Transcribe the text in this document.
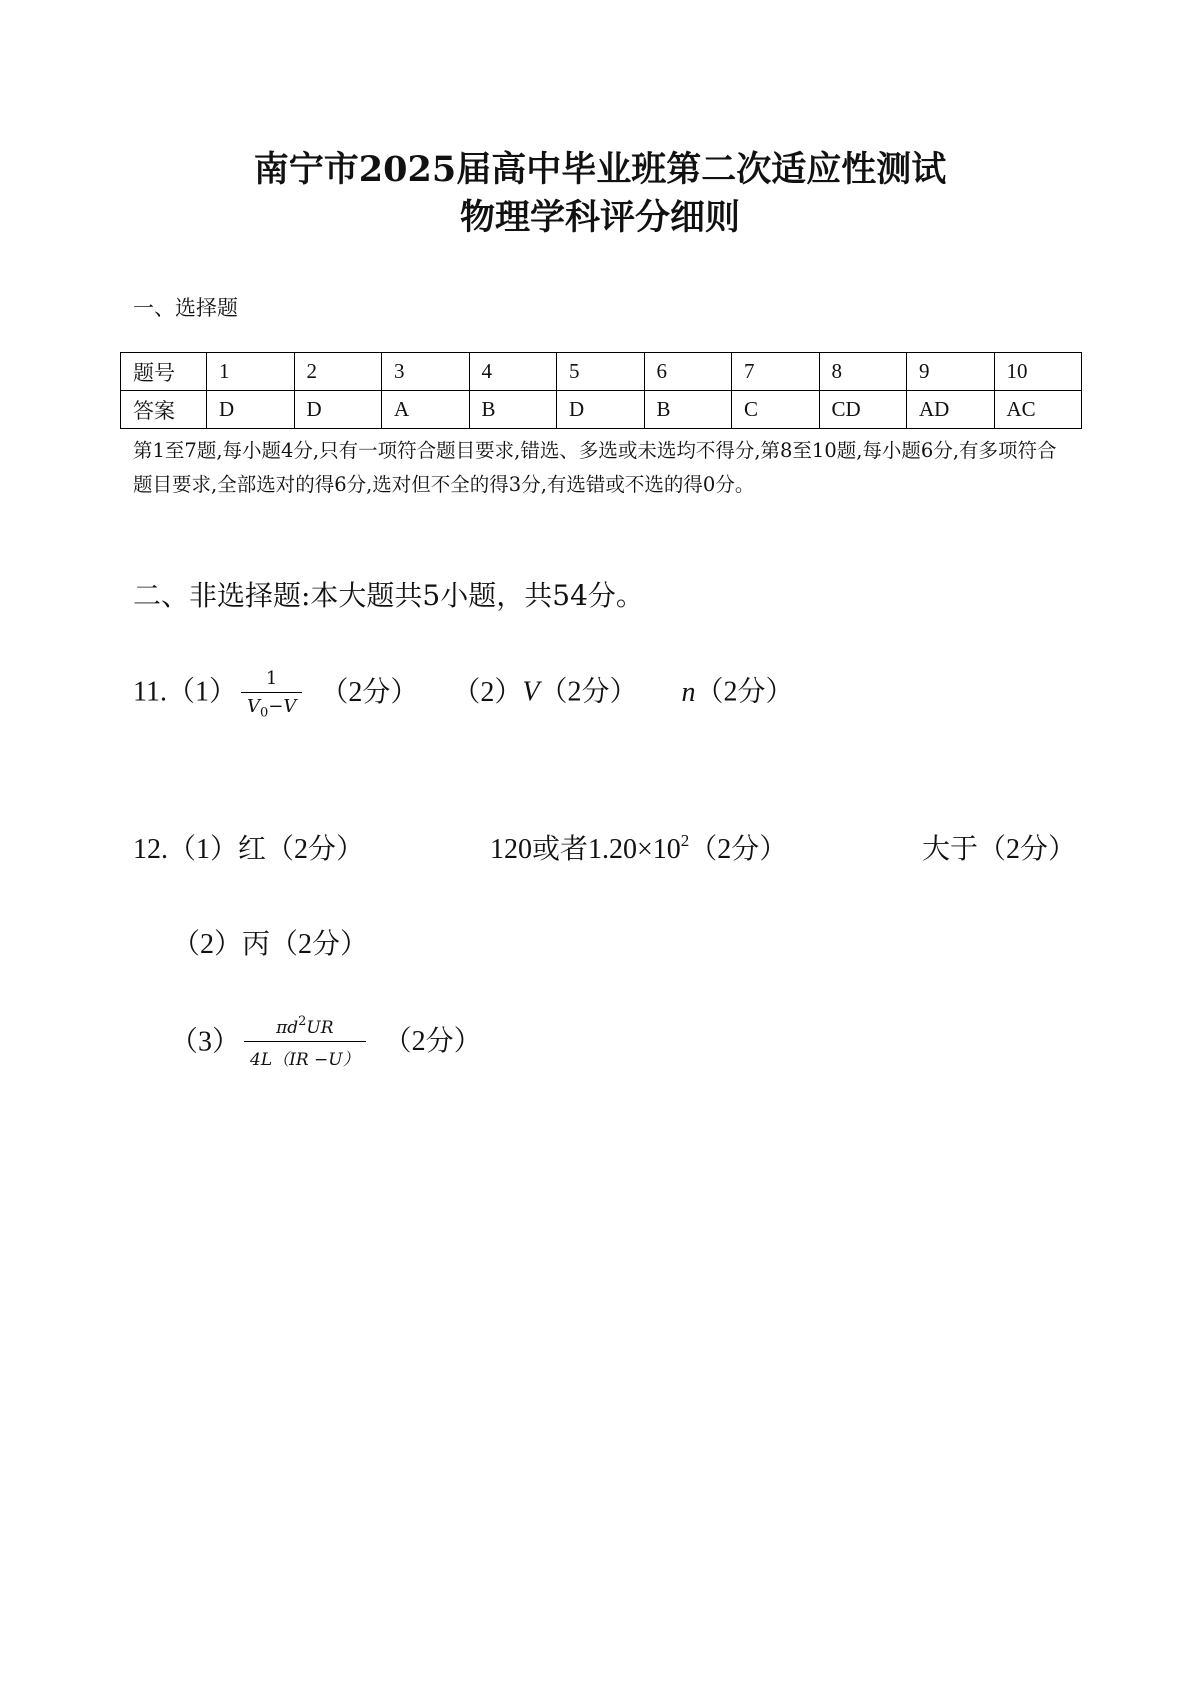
南宁市2025届高中毕业班第二次适应性测试
物理学科评分细则
一、选择题
题号	1	2	3	4	5	6	7	8	9	10
答案	D	D	A	B	D	B	C	CD	AD	AC
第1至7题,每小题4分,只有一项符合题目要求,错选、多选或未选均不得分,第8至10题,每小题6分,有多项符合题目要求,全部选对的得6分,选对但不全的得3分,有选错或不选的得0分。
二、非选择题:本大题共5小题，共54分。
$11.(1) \frac{1}{V_0-V} (2$分） （2）V（2分） n（2分）
12.（1）红（2分）	120或者$1.20\times 10^2(2$分）	大于（2分）
（2）丙（2分）
$(3) \frac{\pi d^2UR}{4L(IR -U)} (2$分）
